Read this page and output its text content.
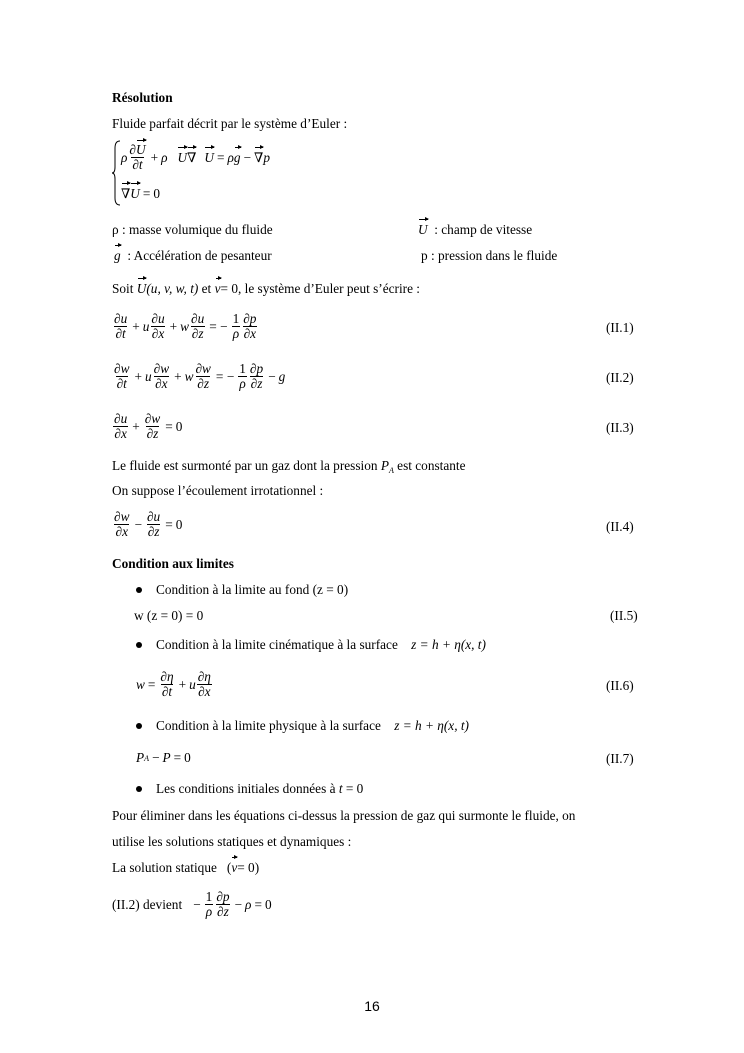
Résolution
Fluide parfait décrit par le système d’Euler :
ρ $\frac{\partial U}{\partial t} + \rho$ U ∇ U = ρ g − ∇ p
∇ U = 0
ρ : masse volumique du fluide	U : champ de vitesse
g : Accélération de pesanteur	p : pression dans le fluide
Soit U(u, v, w, t) et v= 0, le système d’Euler peut s’écrire :
$\frac{\partial u}{\partial t} + u \frac{\partial u}{\partial x} + w \frac{\partial u}{\partial z}$ = − $\frac{1}{\rho} \frac{\partial p}{\partial x}$	(II.1)
$\frac{\partial w}{\partial t} + u \frac{\partial w}{\partial x} + w \frac{\partial w}{\partial z}$ = − $\frac{1}{\rho} \frac{\partial p}{\partial z} - g$	(II.2)
$\frac{\partial u}{\partial x} + \frac{\partial w}{\partial z} = 0$	(II.3)
Le fluide est surmonté par un gaz dont la pression $P_A$ est constante
On suppose l’écoulement irrotationnel :
$\frac{\partial w}{\partial x} - \frac{\partial u}{\partial z} = 0$	(II.4)
Condition aux limites
Condition à la limite au fond (z = 0)
w (z = 0) = 0	(II.5)
Condition à la limite cinématique à la surface z = h + η(x, t)
$w = \frac{\partial\eta}{\partial t} + u \frac{\partial\eta}{\partial x}$	(II.6)
Condition à la limite physique à la surface z = h + η(x, t)
P A − P = 0	(II.7)
Les conditions initiales données à t = 0
Pour éliminer dans les équations ci-dessus la pression de gaz qui surmonte le fluide, on
utilise les solutions statiques et dynamiques :
La solution statique (v= 0)
(II.2) devient − $\frac{1}{\rho} \frac{\partial p}{\partial z} - \rho = 0$
16
